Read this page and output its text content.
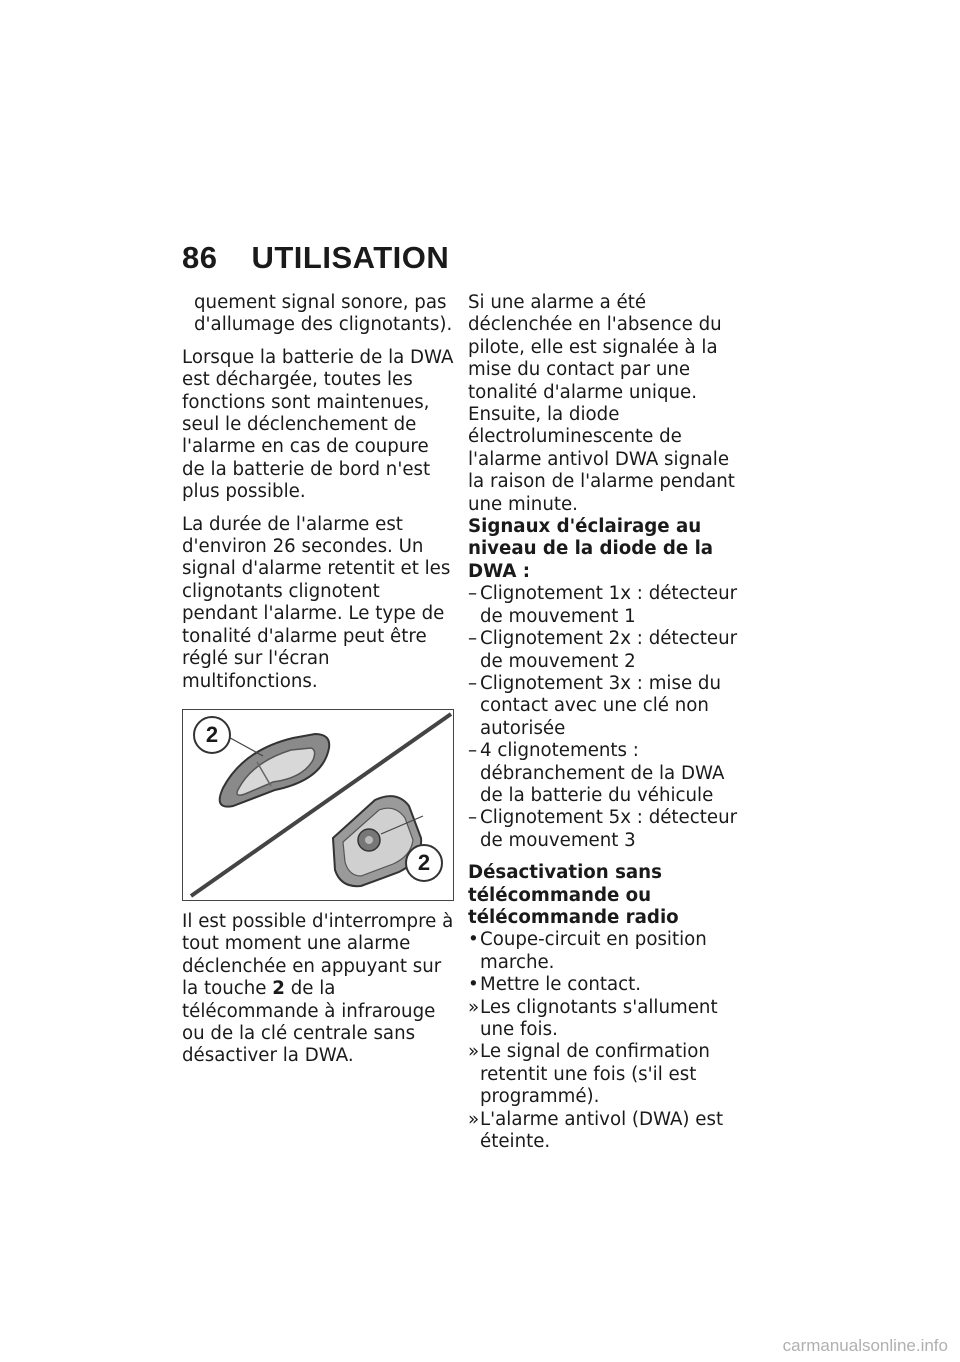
86 UTILISATION

quement signal sonore, pas d'allumage des clignotants).

Lorsque la batterie de la DWA est déchargée, toutes les fonctions sont maintenues, seul le déclenchement de l'alarme en cas de coupure de la batterie de bord n'est plus possible.

La durée de l'alarme est d'environ 26 secondes. Un signal d'alarme retentit et les clignotants clignotent pendant l'alarme. Le type de tonalité d'alarme peut être réglé sur l'écran multifonctions.

2
2

Il est possible d'interrompre à tout moment une alarme déclenchée en appuyant sur la touche 2 de la télécommande à infrarouge ou de la clé centrale sans désactiver la DWA.

Si une alarme a été déclenchée en l'absence du pilote, elle est signalée à la mise du contact par une tonalité d'alarme unique. Ensuite, la diode électroluminescente de l'alarme antivol DWA signale la raison de l'alarme pendant une minute.

Signaux d'éclairage au niveau de la diode de la DWA :
– Clignotement 1x : détecteur de mouvement 1
– Clignotement 2x : détecteur de mouvement 2
– Clignotement 3x : mise du contact avec une clé non autorisée
– 4 clignotements : débranchement de la DWA de la batterie du véhicule
– Clignotement 5x : détecteur de mouvement 3
Désactivation sans télécommande ou télécommande radio
• Coupe-circuit en position marche.
• Mettre le contact.
» Les clignotants s'allument une fois.
» Le signal de confirmation retentit une fois (s'il est programmé).
» L'alarme antivol (DWA) est éteinte.
carmanualsonline.info
